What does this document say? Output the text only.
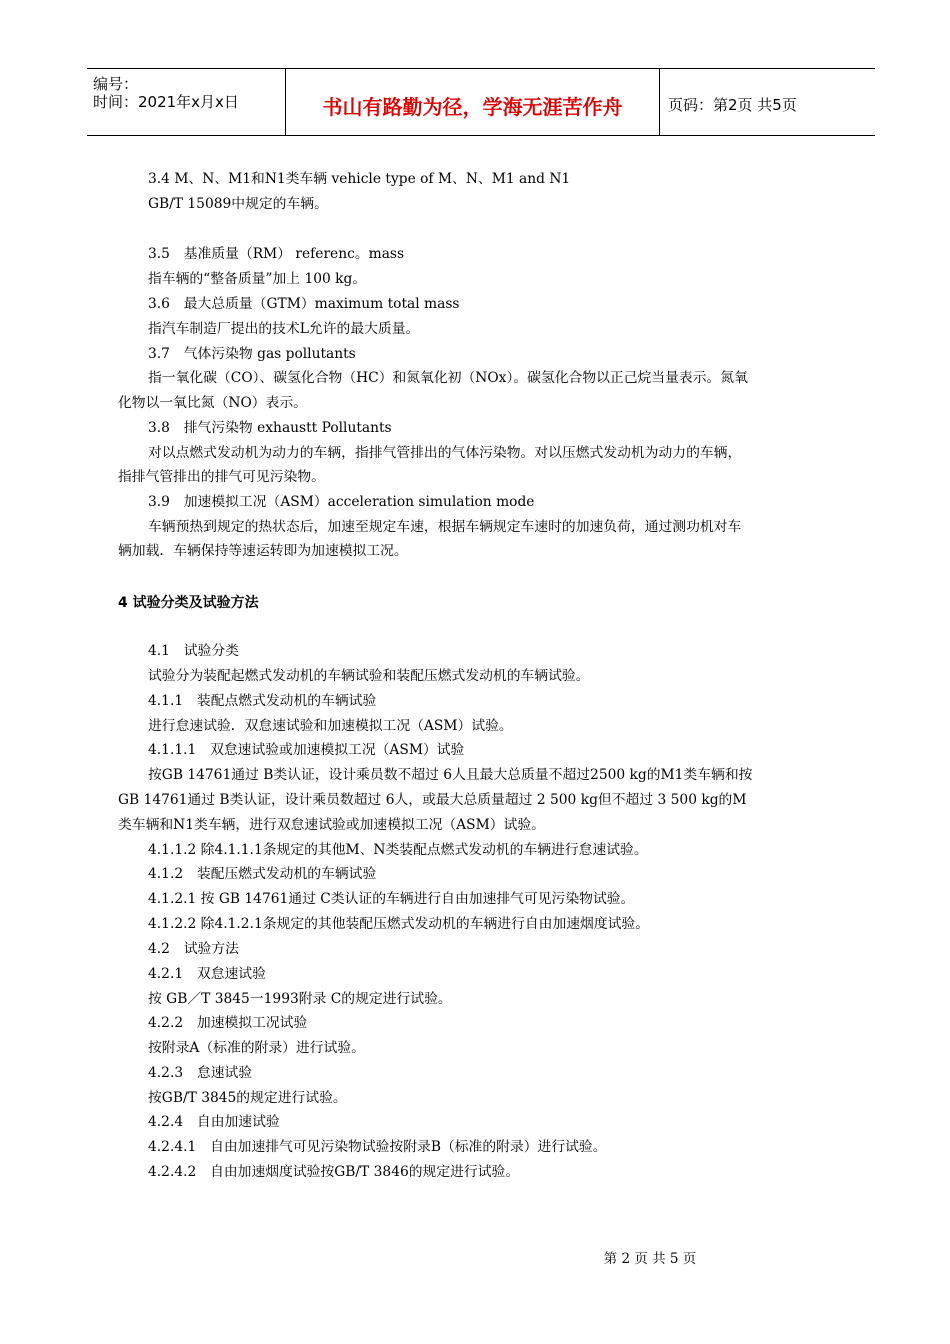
编号：
时间：2021年x月x日	书山有路勤为径，学海无涯苦作舟	页码：第2页 共5页
3.4 M、N、M1和N1类车辆 vehicle type of M、N、M1 and N1
GB/T 15089中规定的车辆。
3.5　基准质量（RM） referenc。mass
指车辆的“整备质量”加上 100 kg。
3.6　最大总质量（GTM）maximum total mass
指汽车制造厂提出的技术L允许的最大质量。
3.7　气体污染物 gas pollutants
指一氧化碳（CO）、碳氢化合物（HC）和氮氧化初（NOx）。碳氢化合物以正己烷当量表示。氮氧
化物以一氧比氮（NO）表示。
3.8　排气污染物 exhaustt Pollutants
对以点燃式发动机为动力的车辆，指排气管排出的气体污染物。对以压燃式发动机为动力的车辆，
指排气管排出的排气可见污染物。
3.9　加速模拟工况（ASM）acceleration simulation mode
车辆预热到规定的热状态后，加速至规定车速，根据车辆规定车速时的加速负荷，通过测功机对车
辆加载．车辆保持等速运转即为加速模拟工况。
4 试验分类及试验方法
4.1　试验分类
试验分为装配起燃式发动机的车辆试验和装配压燃式发动机的车辆试验。
4.1.1　装配点燃式发动机的车辆试验
进行怠速试验．双怠速试验和加速模拟工况（ASM）试验。
4.1.1.1　双怠速试验或加速模拟工况（ASM）试验
按GB 14761通过 B类认证，设计乘员数不超过 6人且最大总质量不超过2500 kg的M1类车辆和按
GB 14761通过 B类认证，设计乘员数超过 6人，或最大总质量超过 2 500 kg但不超过 3 500 kg的M
类车辆和N1类车辆，进行双怠速试验或加速模拟工况（ASM）试验。
4.1.1.2 除4.1.1.1条规定的其他M、N类装配点燃式发动机的车辆进行怠速试验。
4.1.2　装配压燃式发动机的车辆试验
4.1.2.1 按 GB 14761通过 C类认证的车辆进行自由加速排气可见污染物试验。
4.1.2.2 除4.1.2.1条规定的其他装配压燃式发动机的车辆进行自由加速烟度试验。
4.2　试验方法
4.2.1　双怠速试验
按 GB／T 3845一1993附录 C的规定进行试验。
4.2.2　加速模拟工况试验
按附录A（标准的附录）进行试验。
4.2.3　怠速试验
按GB/T 3845的规定进行试验。
4.2.4　自由加速试验
4.2.4.1　自由加速排气可见污染物试验按附录B（标准的附录）进行试验。
4.2.4.2　自由加速烟度试验按GB/T 3846的规定进行试验。
第 2 页 共 5 页
